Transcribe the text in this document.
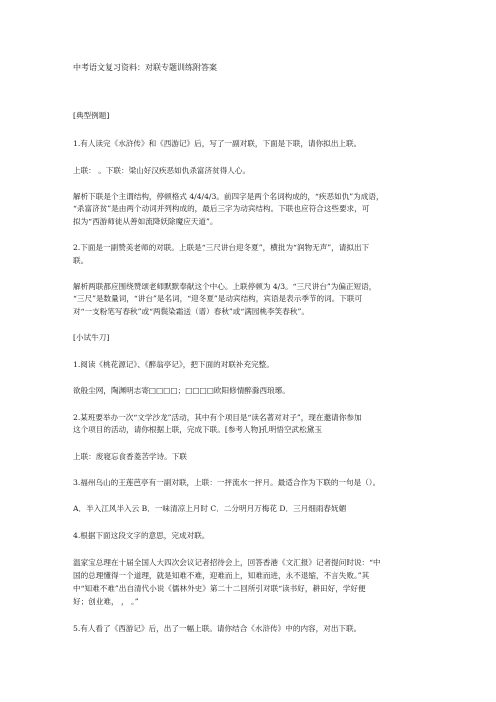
中考语文复习资料：对联专题训练附答案
[典型例题]
1.有人读完《水浒传》和《西游记》后，写了一副对联，下面是下联，请你拟出上联。
上联： 。下联：梁山好汉疾恶如仇杀富济贫得人心。
解析下联是个主谓结构，停顿格式 4/4/4/3。前四字是两个名词构成的，“疾恶如仇”为成语，
“杀富济贫”是由两个动词并列构成的，最后三字为动宾结构。下联也应符合这些要求，可
拟为“西游师徒从善如流降妖除魔应天道”。
2.下面是一副赞美老师的对联。上联是“三尺讲台迎冬夏”，横批为“润物无声”，请拟出下
联。
解析两联都应围绕赞颂老师默默奉献这个中心。上联停顿为 4/3。“三尺讲台”为偏正短语，
“三尺”是数量词，“讲台”是名词，“迎冬夏”是动宾结构，宾语是表示季节的词。下联可
对“一支粉笔写春秋”或“两鬓染霜送（谱）春秋”或“满园桃李笑春秋”。
[小试牛刀]
1.阅读《桃花源记》、《醉翁亭记》，把下面的对联补充完整。
欲般尘网，陶渊明志寄□□□□；□□□□欧阳修情醉滁西琅琊。
2.某班要举办一次“文学沙龙”活动，其中有个项目是“读名著对对子”，现在邀请你参加
这个项目的活动，请你根据上联，完成下联。[参考人物]孔明悟空武松黛玉
上联：废寝忘食香菱苦学诗。下联
3.福州乌山的王莲芭亭有一副对联，上联：一抨流水一抨月。最适合作为下联的一句是（）。
A．半入江风半入云 B．一味清凉上月时 C．二分明月万梅花 D．三月细雨春妩媚
4.根据下面这段文字的意思，完成对联。
温家宝总理在十届全国人大四次会议记者招待会上，回答香港《文汇报》记者提问时说：“中
国的总理懂得一个道理，就是知难不难，迎难而上，知难而进，永不退缩，不言失败。”其
中“知难不难”出自清代小说《儒林外史》第二十二回所引对联“读书好，耕田好，学好便
好；创业难， ， 。”
5.有人看了《西游记》后，出了一幅上联。请你结合《水浒传》中的内容，对出下联。
